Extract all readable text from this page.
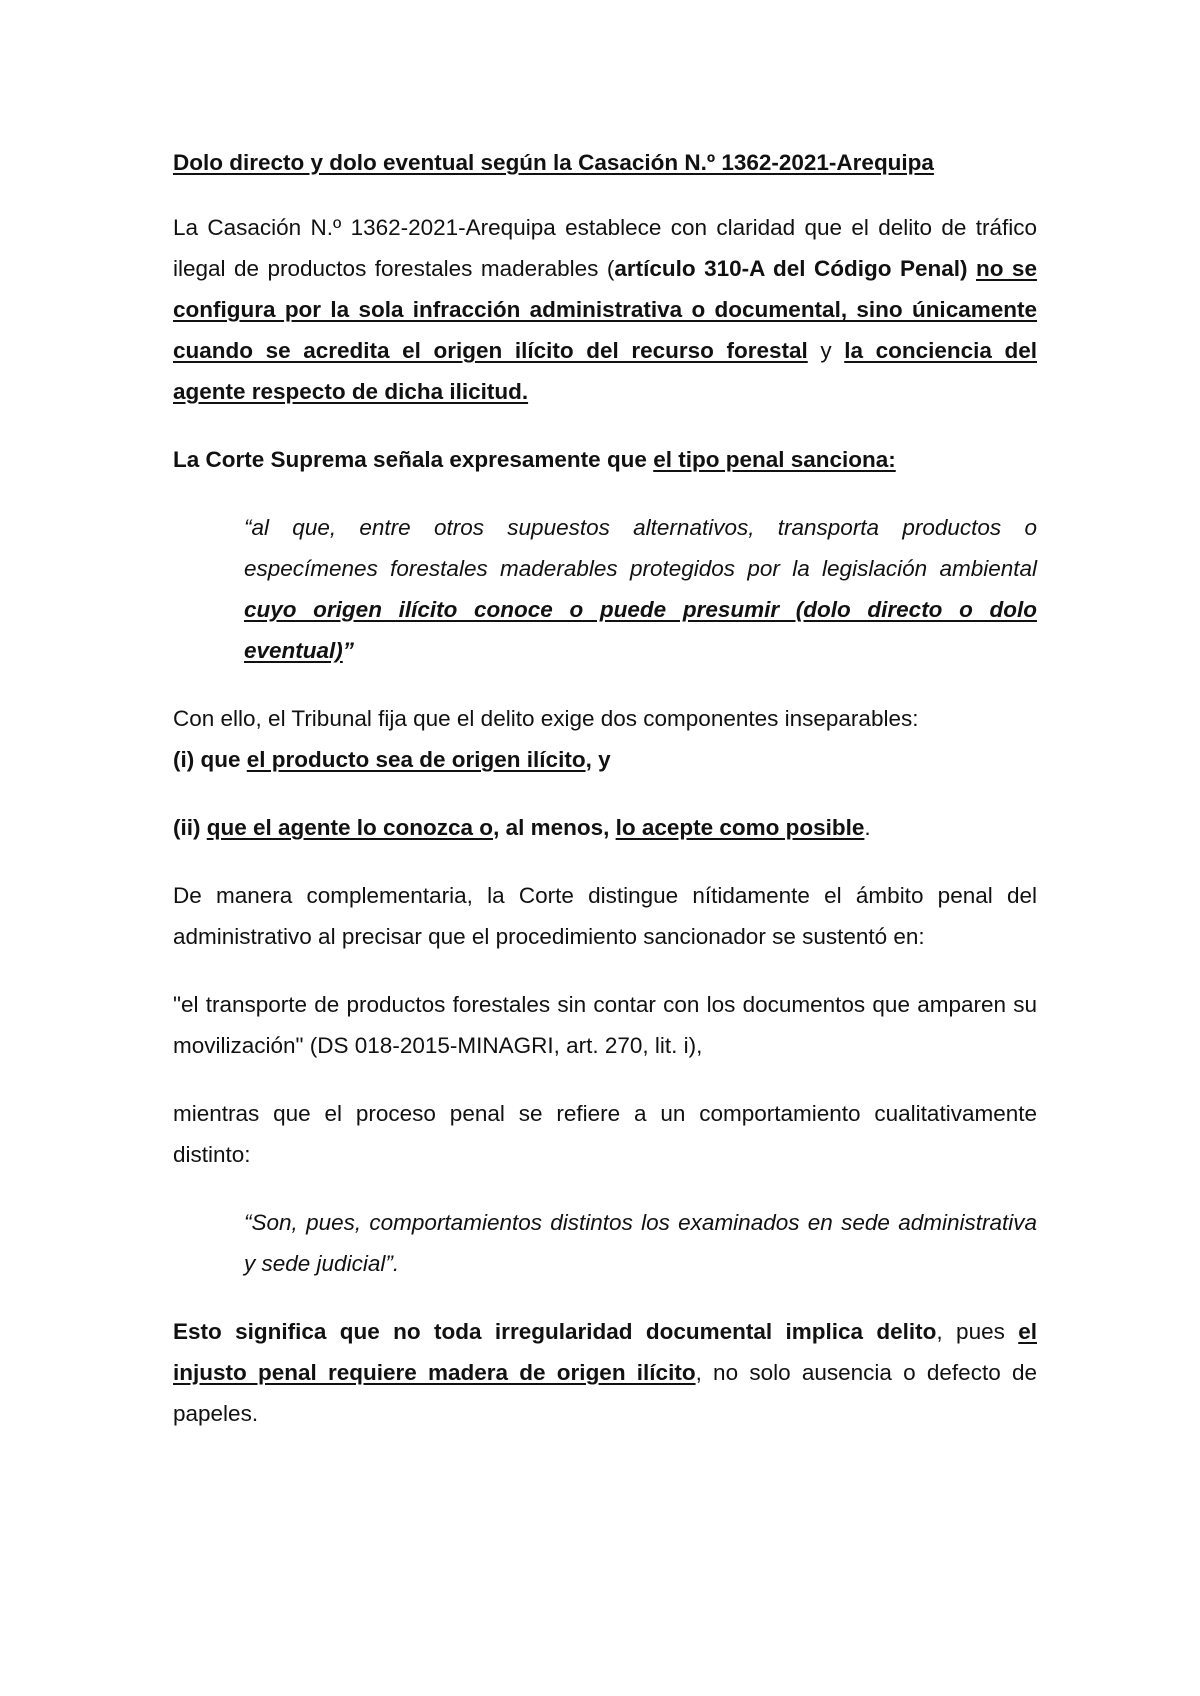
Dolo directo y dolo eventual según la Casación N.º 1362-2021-Arequipa

La Casación N.º 1362-2021-Arequipa establece con claridad que el delito de tráfico ilegal de productos forestales maderables (artículo 310-A del Código Penal) no se configura por la sola infracción administrativa o documental, sino únicamente cuando se acredita el origen ilícito del recurso forestal y la conciencia del agente respecto de dicha ilicitud.

La Corte Suprema señala expresamente que el tipo penal sanciona:

“al que, entre otros supuestos alternativos, transporta productos o especímenes forestales maderables protegidos por la legislación ambiental cuyo origen ilícito conoce o puede presumir (dolo directo o dolo eventual)”

Con ello, el Tribunal fija que el delito exige dos componentes inseparables:
(i) que el producto sea de origen ilícito, y

(ii) que el agente lo conozca o, al menos, lo acepte como posible.

De manera complementaria, la Corte distingue nítidamente el ámbito penal del administrativo al precisar que el procedimiento sancionador se sustentó en:

"el transporte de productos forestales sin contar con los documentos que amparen su movilización" (DS 018-2015-MINAGRI, art. 270, lit. i),

mientras que el proceso penal se refiere a un comportamiento cualitativamente distinto:

“Son, pues, comportamientos distintos los examinados en sede administrativa y sede judicial”.

Esto significa que no toda irregularidad documental implica delito, pues el injusto penal requiere madera de origen ilícito, no solo ausencia o defecto de papeles.
